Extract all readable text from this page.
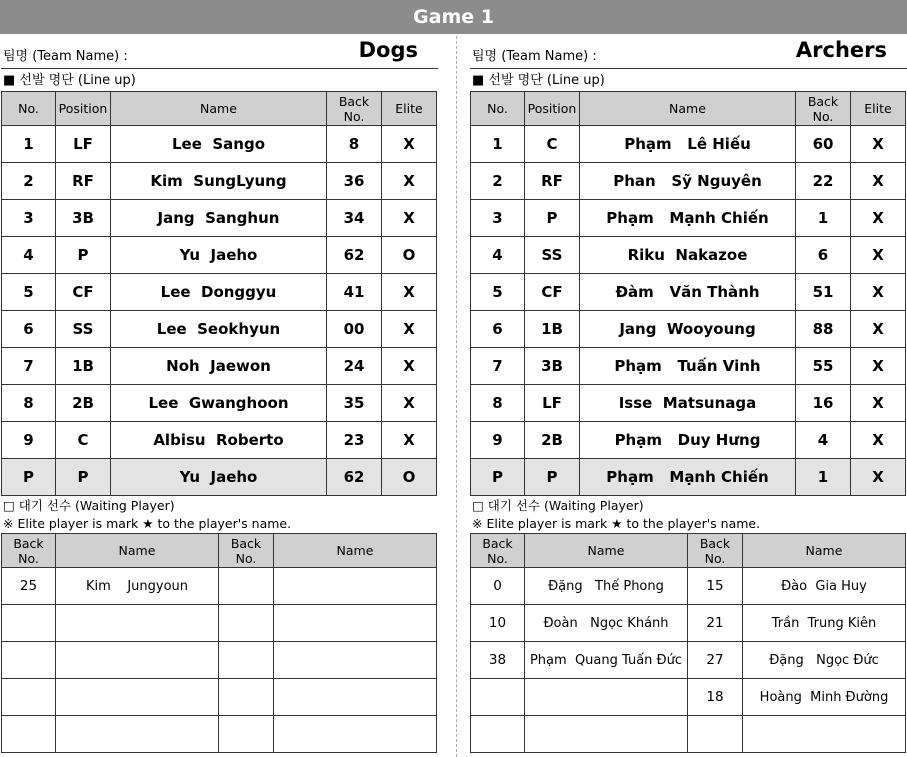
Game 1
팀명 (Team Name) :	Dogs
■ 선발 명단 (Line up)
No.	Position	Name	Back No.	Elite
1	LF	Lee  Sango	8	X
2	RF	Kim  SungLyung	36	X
3	3B	Jang  Sanghun	34	X
4	P	Yu  Jaeho	62	O
5	CF	Lee  Donggyu	41	X
6	SS	Lee  Seokhyun	00	X
7	1B	Noh  Jaewon	24	X
8	2B	Lee  Gwanghoon	35	X
9	C	Albisu  Roberto	23	X
P	P	Yu  Jaeho	62	O
□ 대기 선수 (Waiting Player)
※ Elite player is mark ★ to the player's name.
Back No.	Name	Back No.	Name
25	Kim    Jungyoun		

팀명 (Team Name) :	Archers
■ 선발 명단 (Line up)
No.	Position	Name	Back No.	Elite
1	C	Phạm   Lê Hiếu	60	X
2	RF	Phan   Sỹ Nguyên	22	X
3	P	Phạm   Mạnh Chiến	1	X
4	SS	Riku  Nakazoe	6	X
5	CF	Đàm   Văn Thành	51	X
6	1B	Jang  Wooyoung	88	X
7	3B	Phạm   Tuấn Vinh	55	X
8	LF	Isse  Matsunaga	16	X
9	2B	Phạm   Duy Hưng	4	X
P	P	Phạm   Mạnh Chiến	1	X
□ 대기 선수 (Waiting Player)
※ Elite player is mark ★ to the player's name.
Back No.	Name	Back No.	Name
0	Đặng   Thế Phong	15	Đào  Gia Huy
10	Đoàn   Ngọc Khánh	21	Trần  Trung Kiên
38	Phạm  Quang Tuấn Đức	27	Đặng   Ngọc Đức
		18	Hoàng  Minh Đường
